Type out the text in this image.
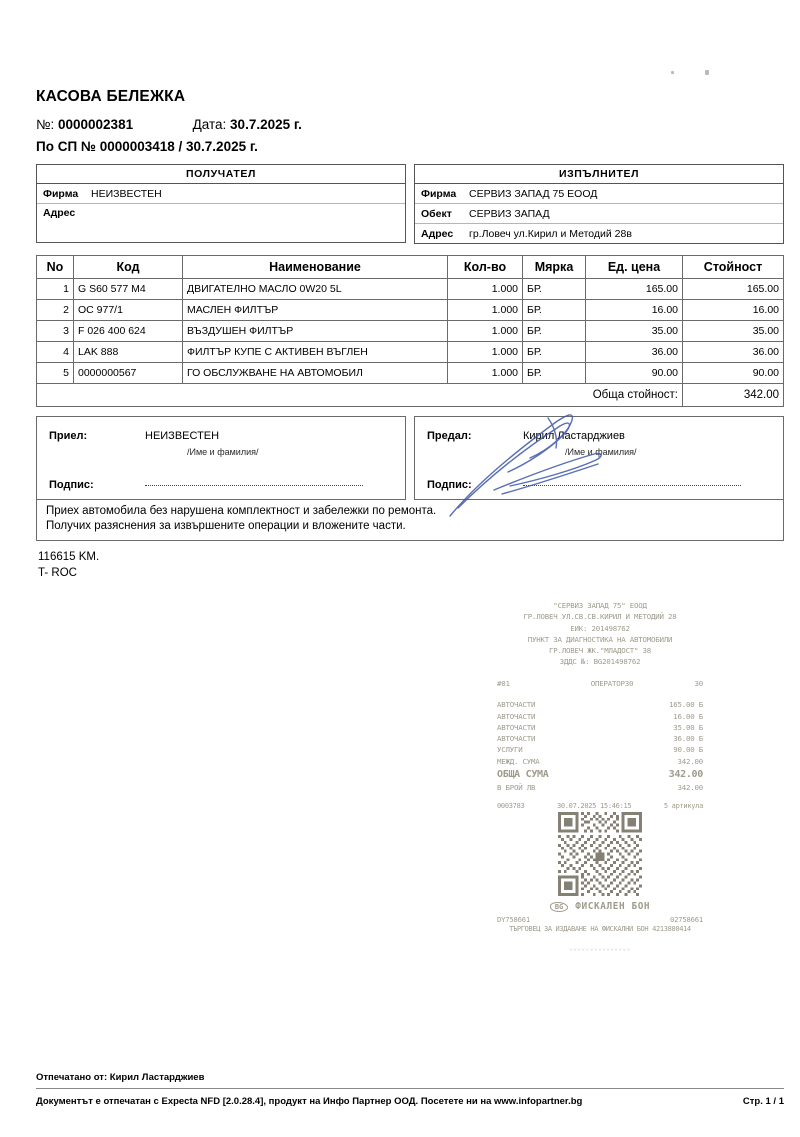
КАСОВА БЕЛЕЖКА
№: 0000002381	Дата: 30.7.2025 г.
По СП № 0000003418 / 30.7.2025 г.
ПОЛУЧАТЕЛ
Фирма	НЕИЗВЕСТЕН
Адрес
ИЗПЪЛНИТЕЛ
Фирма	СЕРВИЗ ЗАПАД 75 ЕООД
Обект	СЕРВИЗ ЗАПАД
Адрес	гр.Ловеч ул.Кирил и Методий 28в
No	Код	Наименование	Кол-во	Мярка	Ед. цена	Стойност
1	G S60 577 M4	ДВИГАТЕЛНО МАСЛО 0W20 5L	1.000	БР.	165.00	165.00
2	OC 977/1	МАСЛЕН ФИЛТЪР	1.000	БР.	16.00	16.00
3	F 026 400 624	ВЪЗДУШЕН ФИЛТЪР	1.000	БР.	35.00	35.00
4	LAK 888	ФИЛТЪР КУПЕ С АКТИВЕН ВЪГЛЕН	1.000	БР.	36.00	36.00
5	0000000567	ГО ОБСЛУЖВАНЕ НА АВТОМОБИЛ	1.000	БР.	90.00	90.00
Обща стойност:						342.00
Приел:	НЕИЗВЕСТЕН
/Име и фамилия/
Подпис:
Предал:	Кирил Ластарджиев
/Име и фамилия/
Подпис:

Приех автомобила без нарушена комплектност и забележки по ремонта.

Получих разяснения за извършените операции и вложените части.

116615 KM.
T- ROC
"СЕРВИЗ ЗАПАД 75" ЕООД
ГР.ЛОВЕЧ УЛ.СВ.СВ.КИРИЛ И МЕТОДИЙ 28
ЕИК: 201498762
ПУНКТ ЗА ДИАГНОСТИКА НА АВТОМОБИЛИ
ГР.ЛОВЕЧ ЖК."МЛАДОСТ" 38
ЗДДС №: BG201498762
#01	ОПЕРАТОР30	30
АВТОЧАСТИ	165.00 Б
АВТОЧАСТИ	16.00 Б
АВТОЧАСТИ	35.00 Б
АВТОЧАСТИ	36.00 Б
УСЛУГИ	90.00 Б
МЕЖД. СУМА	342.00
ОБЩА СУМА	342.00
В БРОЙ ЛВ	342.00
0003783	30.07.2025 15:46:15	5 артикула
BG	ФИСКАЛЕН БОН
DY758661	02758661
ТЪРГОВЕЦ ЗА ИЗДАВАНЕ НА ФИСКАЛНИ БОН 4213880414
⌄⌄⌄⌄⌄⌄⌄⌄⌄⌄⌄⌄⌄⌄⌄
Отпечатано от: Кирил Ластарджиев
Документът е отпечатан с Expecta NFD [2.0.28.4], продукт на Инфо Партнер ООД. Посетете ни на www.infopartner.bg	Стр. 1 / 1
